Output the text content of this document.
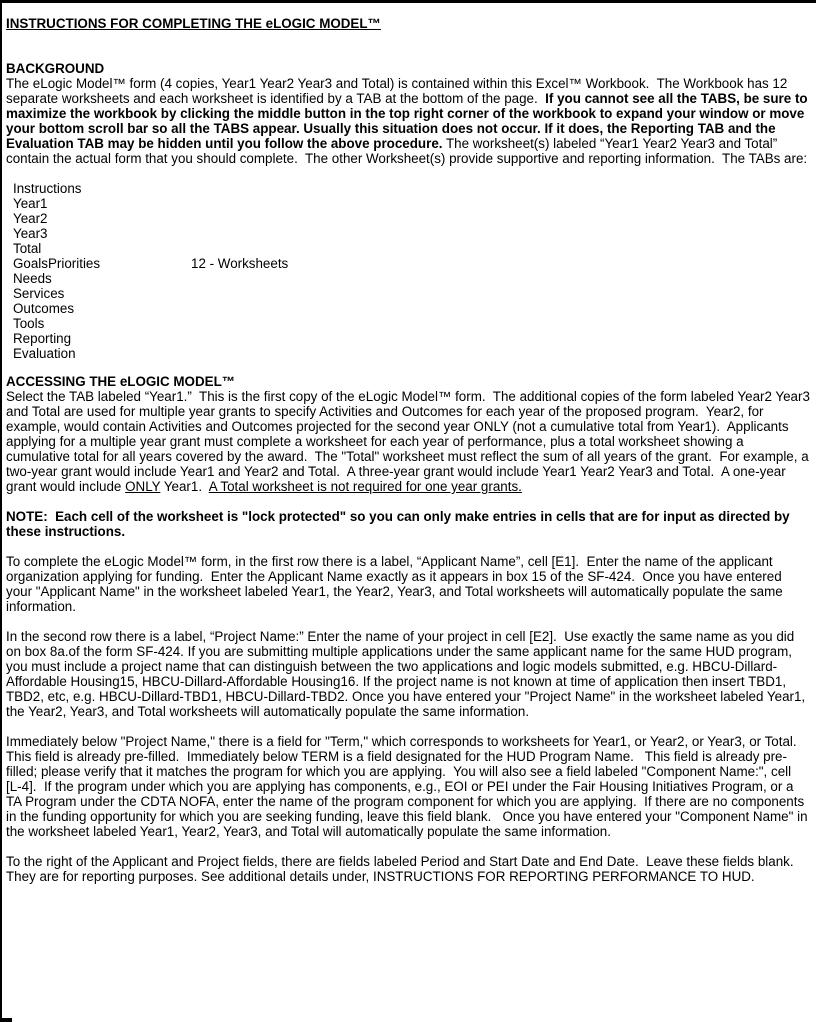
INSTRUCTIONS FOR COMPLETING THE eLOGIC MODEL™

BACKGROUND

The eLogic Model™ form (4 copies, Year1 Year2 Year3 and Total) is contained within this Excel™ Workbook.  The Workbook has 12 separate worksheets and each worksheet is identified by a TAB at the bottom of the page.  If you cannot see all the TABS, be sure to maximize the workbook by clicking the middle button in the top right corner of the workbook to expand your window or move your bottom scroll bar so all the TABS appear. Usually this situation does not occur. If it does, the Reporting TAB and the Evaluation TAB may be hidden until you follow the above procedure. The worksheet(s) labeled “Year1 Year2 Year3 and Total” contain the actual form that you should complete.  The other Worksheet(s) provide supportive and reporting information.  The TABs are:

Instructions
Year1
Year2
Year3
Total
GoalsPriorities	12 - Worksheets
Needs
Services
Outcomes
Tools
Reporting
Evaluation

ACCESSING THE eLOGIC MODEL™

Select the TAB labeled “Year1.”  This is the first copy of the eLogic Model™ form.  The additional copies of the form labeled Year2 Year3 and Total are used for multiple year grants to specify Activities and Outcomes for each year of the proposed program.  Year2, for example, would contain Activities and Outcomes projected for the second year ONLY (not a cumulative total from Year1).  Applicants applying for a multiple year grant must complete a worksheet for each year of performance, plus a total worksheet showing a cumulative total for all years covered by the award.  The "Total" worksheet must reflect the sum of all years of the grant.  For example, a two-year grant would include Year1 and Year2 and Total.  A three-year grant would include Year1 Year2 Year3 and Total.  A one-year grant would include ONLY Year1.  A Total worksheet is not required for one year grants.

NOTE:  Each cell of the worksheet is "lock protected" so you can only make entries in cells that are for input as directed by these instructions.

To complete the eLogic Model™ form, in the first row there is a label, “Applicant Name”, cell [E1].  Enter the name of the applicant organization applying for funding.  Enter the Applicant Name exactly as it appears in box 15 of the SF-424.  Once you have entered your "Applicant Name" in the worksheet labeled Year1, the Year2, Year3, and Total worksheets will automatically populate the same information.

In the second row there is a label, “Project Name:” Enter the name of your project in cell [E2].  Use exactly the same name as you did on box 8a.of the form SF-424. If you are submitting multiple applications under the same applicant name for the same HUD program, you must include a project name that can distinguish between the two applications and logic models submitted, e.g. HBCU-Dillard-Affordable Housing15, HBCU-Dillard-Affordable Housing16. If the project name is not known at time of application then insert TBD1, TBD2, etc, e.g. HBCU-Dillard-TBD1, HBCU-Dillard-TBD2. Once you have entered your "Project Name" in the worksheet labeled Year1, the Year2, Year3, and Total worksheets will automatically populate the same information.

Immediately below "Project Name," there is a field for "Term," which corresponds to worksheets for Year1, or Year2, or Year3, or Total.  This field is already pre-filled.  Immediately below TERM is a field designated for the HUD Program Name.   This field is already pre-filled; please verify that it matches the program for which you are applying.  You will also see a field labeled "Component Name:", cell [L-4].  If the program under which you are applying has components, e.g., EOI or PEI under the Fair Housing Initiatives Program, or a TA Program under the CDTA NOFA, enter the name of the program component for which you are applying.  If there are no components in the funding opportunity for which you are seeking funding, leave this field blank.   Once you have entered your "Component Name" in the worksheet labeled Year1, Year2, Year3, and Total will automatically populate the same information.

To the right of the Applicant and Project fields, there are fields labeled Period and Start Date and End Date.  Leave these fields blank. They are for reporting purposes. See additional details under, INSTRUCTIONS FOR REPORTING PERFORMANCE TO HUD.
